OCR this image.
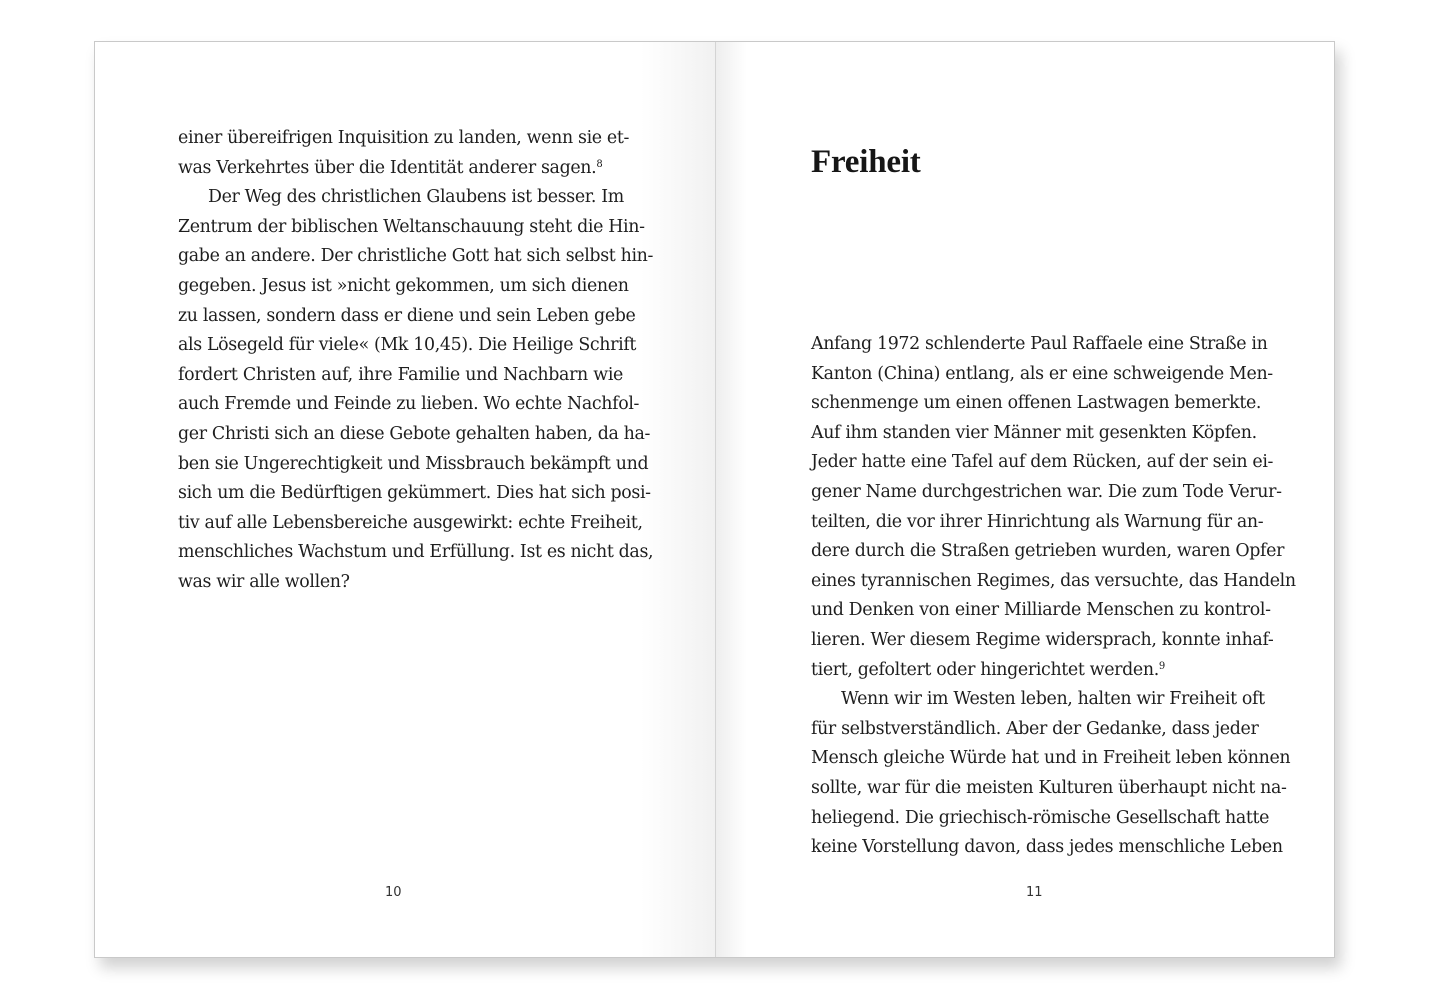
einer übereifrigen Inquisition zu landen, wenn sie et-
was Verkehrtes über die Identität anderer sagen.$^8$

Der Weg des christlichen Glaubens ist besser. Im
Zentrum der biblischen Weltanschauung steht die Hin-
gabe an andere. Der christliche Gott hat sich selbst hin-
gegeben. Jesus ist »nicht gekommen, um sich dienen
zu lassen, sondern dass er diene und sein Leben gebe
als Lösegeld für viele« (Mk 10,45). Die Heilige Schrift
fordert Christen auf, ihre Familie und Nachbarn wie
auch Fremde und Feinde zu lieben. Wo echte Nachfol-
ger Christi sich an diese Gebote gehalten haben, da ha-
ben sie Ungerechtigkeit und Missbrauch bekämpft und
sich um die Bedürftigen gekümmert. Dies hat sich posi-
tiv auf alle Lebensbereiche ausgewirkt: echte Freiheit,
menschliches Wachstum und Erfüllung. Ist es nicht das,
was wir alle wollen?

10
Freiheit

Anfang 1972 schlenderte Paul Raffaele eine Straße in
Kanton (China) entlang, als er eine schweigende Men-
schenmenge um einen offenen Lastwagen bemerkte.
Auf ihm standen vier Männer mit gesenkten Köpfen.
Jeder hatte eine Tafel auf dem Rücken, auf der sein ei-
gener Name durchgestrichen war. Die zum Tode Verur-
teilten, die vor ihrer Hinrichtung als Warnung für an-
dere durch die Straßen getrieben wurden, waren Opfer
eines tyrannischen Regimes, das versuchte, das Handeln
und Denken von einer Milliarde Menschen zu kontrol-
lieren. Wer diesem Regime widersprach, konnte inhaf-
tiert, gefoltert oder hingerichtet werden.$^9$

Wenn wir im Westen leben, halten wir Freiheit oft
für selbstverständlich. Aber der Gedanke, dass jeder
Mensch gleiche Würde hat und in Freiheit leben können
sollte, war für die meisten Kulturen überhaupt nicht na-
heliegend. Die griechisch-römische Gesellschaft hatte
keine Vorstellung davon, dass jedes menschliche Leben

11
